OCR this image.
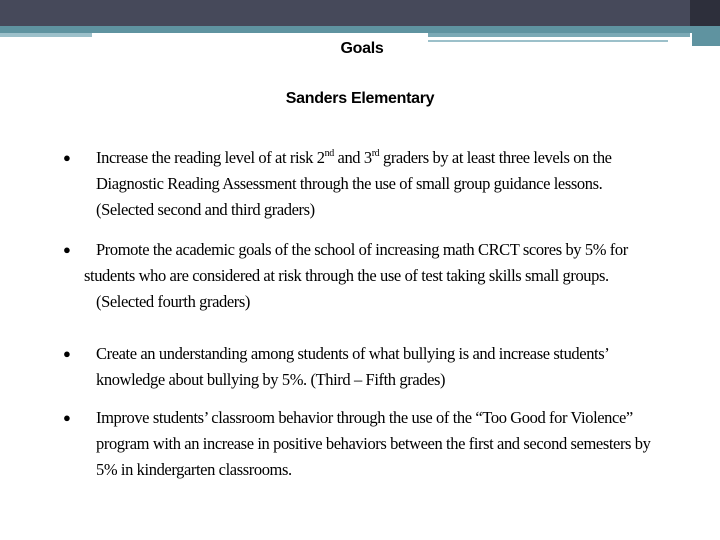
Goals
Sanders Elementary
● Increase the reading level of at risk 2nd and 3rd graders by at least three levels on the
Diagnostic Reading Assessment through the use of small group guidance lessons.
(Selected second and third graders)
● Promote the academic goals of the school of increasing math CRCT scores by 5% for
students who are considered at risk through the use of test taking skills small groups.
(Selected fourth graders)
● Create an understanding among students of what bullying is and increase students’
knowledge about bullying by 5%. (Third – Fifth grades)
● Improve students’ classroom behavior through the use of the “Too Good for Violence”
program with an increase in positive behaviors between the first and second semesters by
5% in kindergarten classrooms.
